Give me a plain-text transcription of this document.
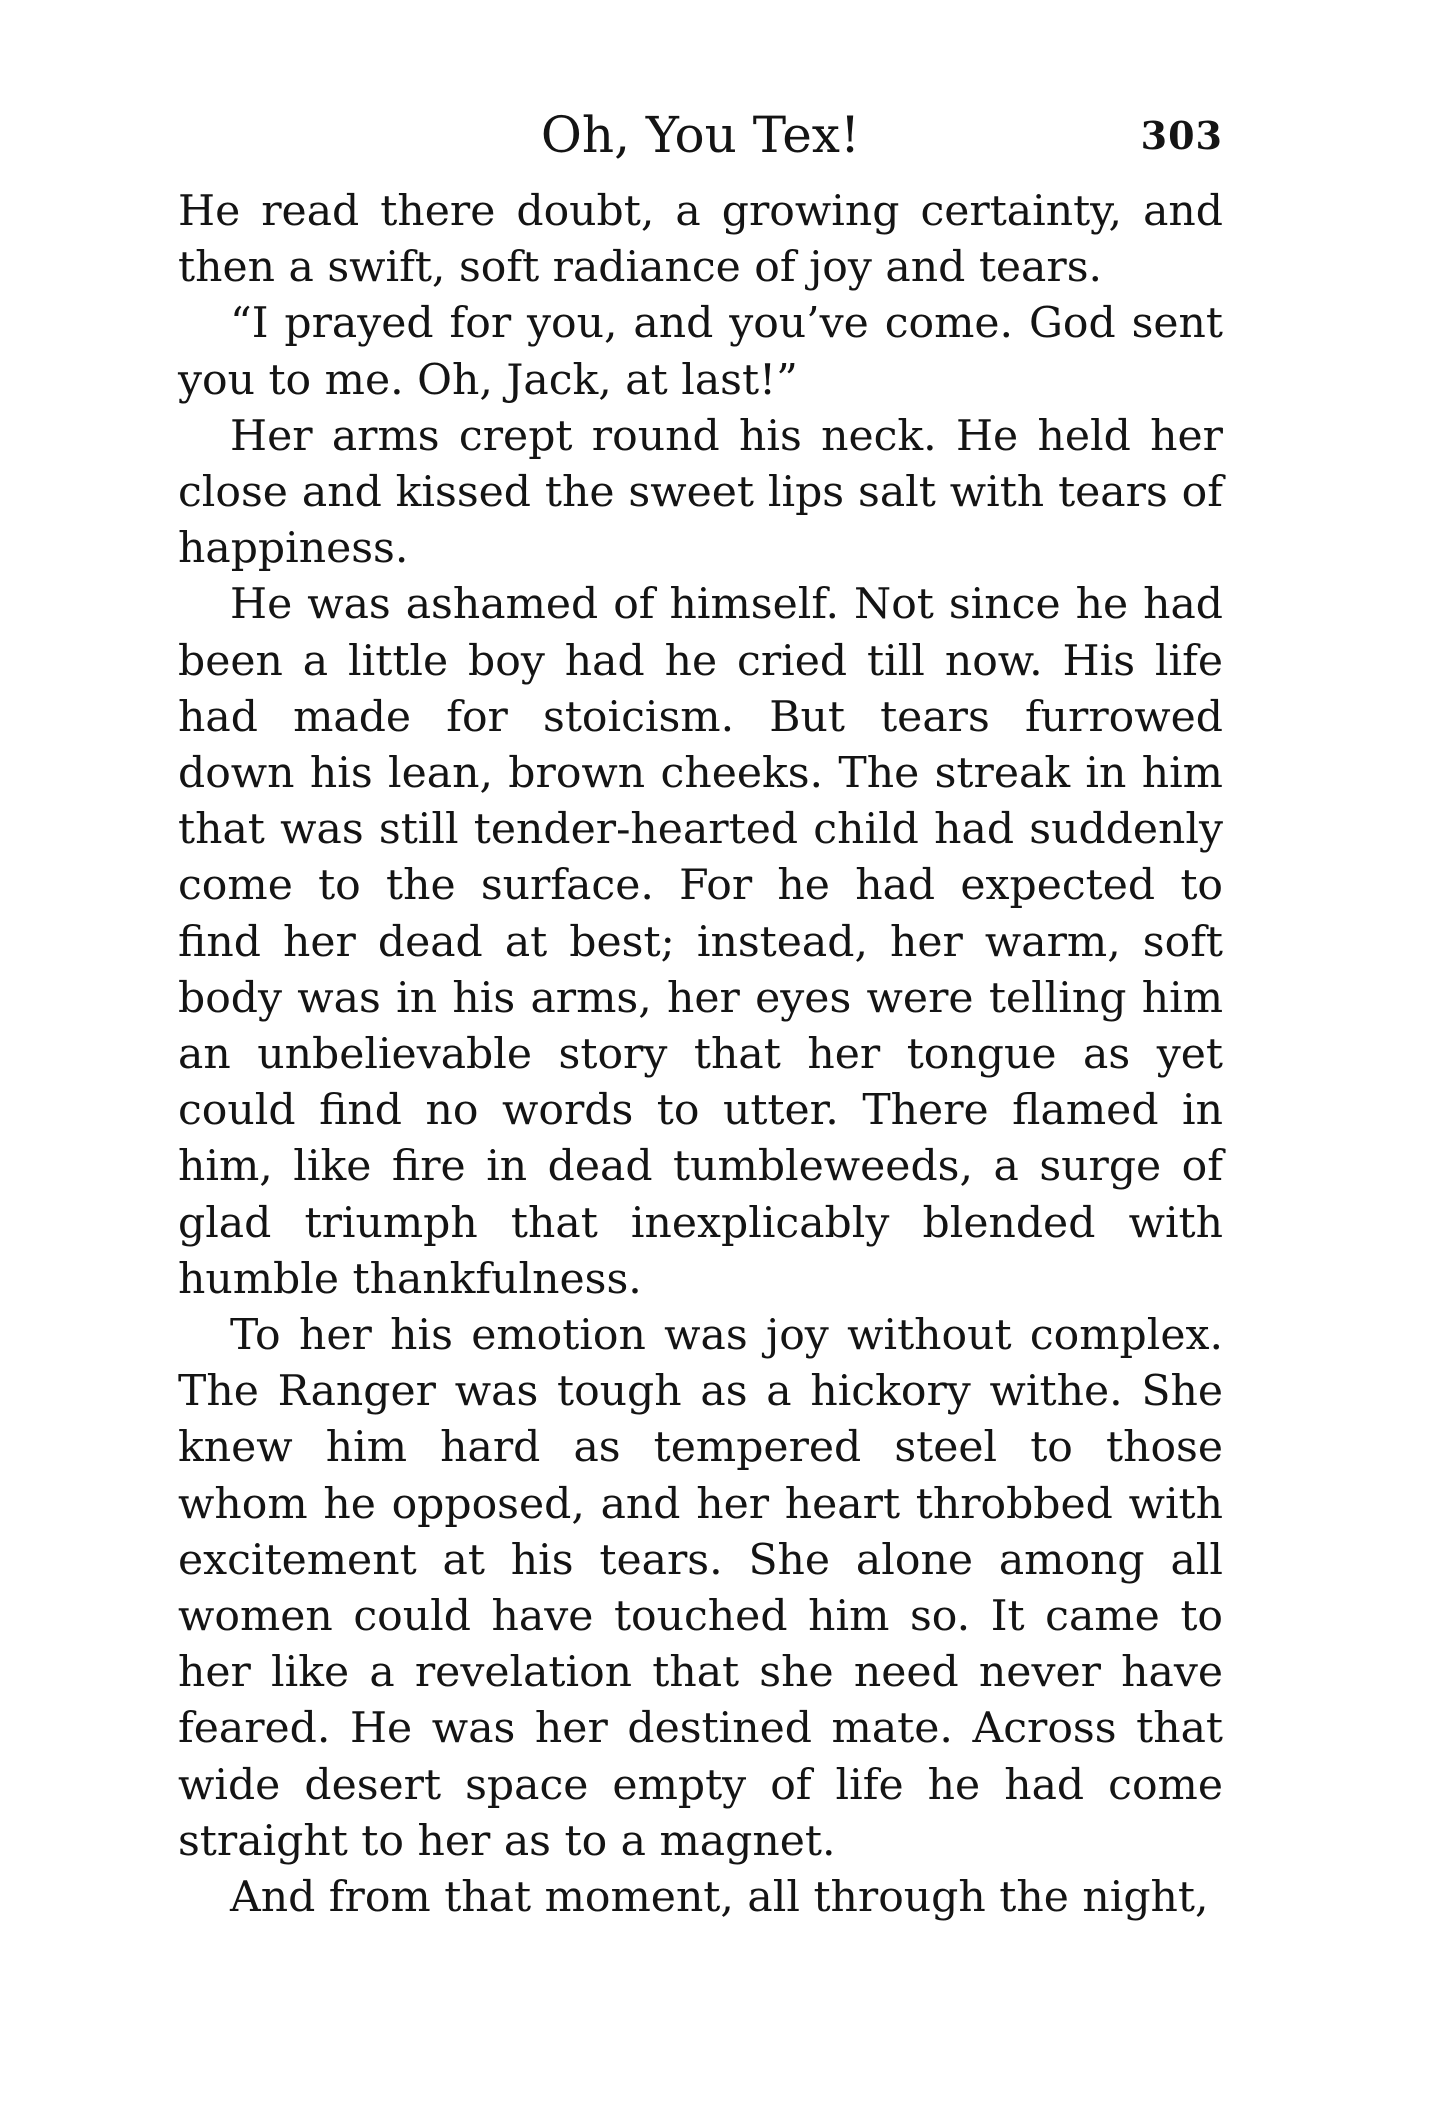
Oh, You Tex!	303

He read there doubt, a growing certainty, and then a swift, soft radiance of joy and tears.

“I prayed for you, and you’ve come. God sent you to me. Oh, Jack, at last!”

Her arms crept round his neck. He held her close and kissed the sweet lips salt with tears of happiness.

He was ashamed of himself. Not since he had been a little boy had he cried till now. His life had made for stoicism. But tears furrowed down his lean, brown cheeks. The streak in him that was still tender-hearted child had suddenly come to the surface. For he had expected to find her dead at best; instead, her warm, soft body was in his arms, her eyes were telling him an unbelievable story that her tongue as yet could find no words to utter. There flamed in him, like fire in dead tumbleweeds, a surge of glad triumph that inexplicably blended with humble thankfulness.

To her his emotion was joy without complex. The Ranger was tough as a hickory withe. She knew him hard as tempered steel to those whom he opposed, and her heart throbbed with excitement at his tears. She alone among all women could have touched him so. It came to her like a revelation that she need never have feared. He was her destined mate. Across that wide desert space empty of life he had come straight to her as to a magnet.

And from that moment, all through the night,
